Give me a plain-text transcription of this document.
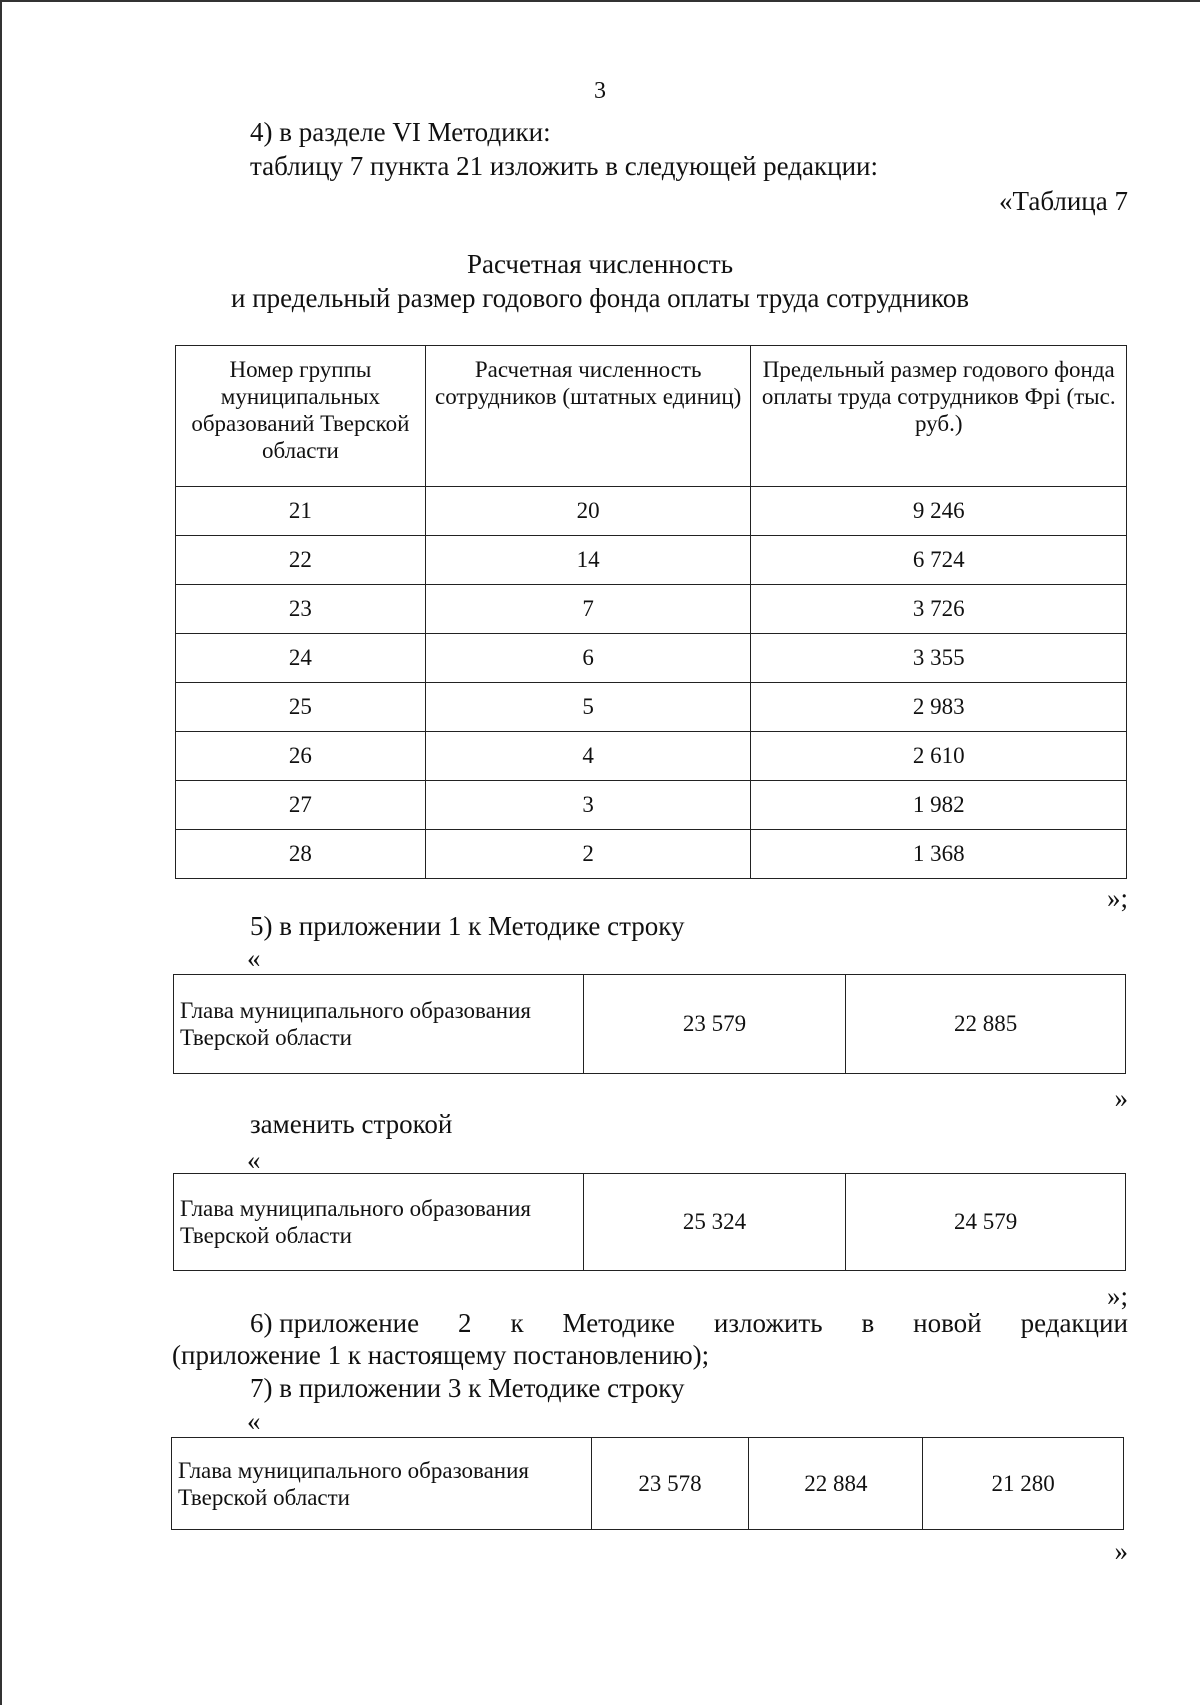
3
4) в разделе VI Методики:
таблицу 7 пункта 21 изложить в следующей редакции:
«Таблица 7
Расчетная численность
и предельный размер годового фонда оплаты труда сотрудников
Номер группы муниципальных образований Тверской области	Расчетная численность сотрудников (штатных единиц)	Предельный размер годового фонда оплаты труда сотрудников Фрi (тыс. руб.)
21	20	9 246
22	14	6 724
23	7	3 726
24	6	3 355
25	5	2 983
26	4	2 610
27	3	1 982
28	2	1 368
»;
5) в приложении 1 к Методике строку
«
Глава муниципального образования Тверской области	23 579	22 885
»
заменить строкой
«
Глава муниципального образования Тверской области	25 324	24 579
»;
6) приложение 2 к Методике изложить в новой редакции
(приложение 1 к настоящему постановлению);
7) в приложении 3 к Методике строку
«
Глава муниципального образования Тверской области	23 578	22 884	21 280
»
